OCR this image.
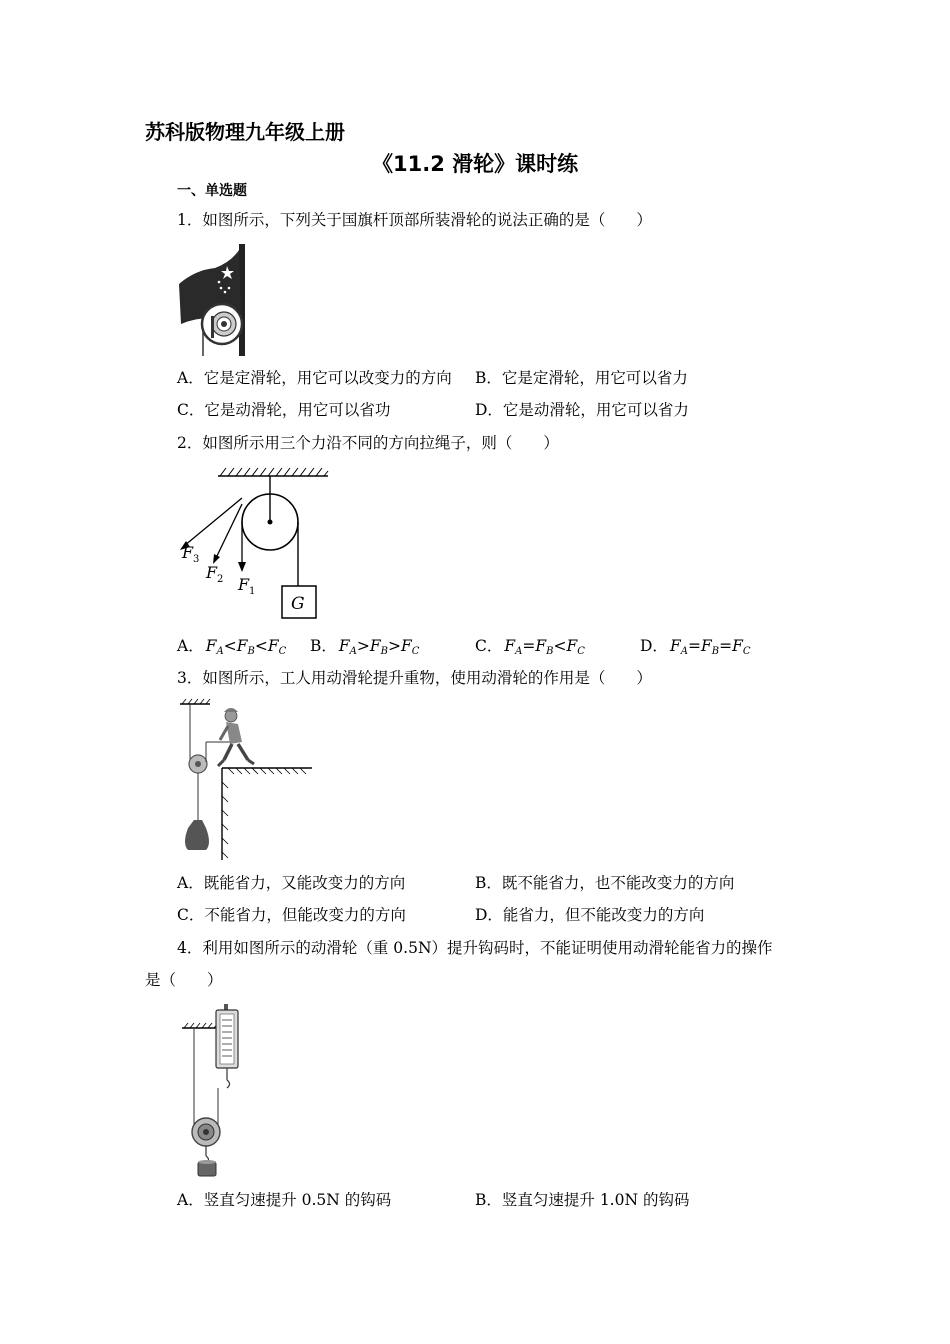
苏科版物理九年级上册
《11.2 滑轮》课时练
一、单选题
1．如图所示，下列关于国旗杆顶部所装滑轮的说法正确的是（　　）
A．它是定滑轮，用它可以改变力的方向 B．它是定滑轮，用它可以省力
C．它是动滑轮，用它可以省功	D．它是动滑轮，用它可以省力
2．如图所示用三个力沿不同的方向拉绳子，则（　　）
F 3
F 2 F 1
G
A． $F_A<F_B<F_C$ B． $F_A>F_B>F_C$	C． $F_A=F_B<F_C$	D． $F_A=F_B=F_C$
3．如图所示，工人用动滑轮提升重物，使用动滑轮的作用是（　　）
A．既能省力，又能改变力的方向	B．既不能省力，也不能改变力的方向
C．不能省力，但能改变力的方向	D．能省力，但不能改变力的方向
4．利用如图所示的动滑轮（重 0.5N）提升钩码时，不能证明使用动滑轮能省力的操作
是（　　）
A．竖直匀速提升 0.5N 的钩码	B．竖直匀速提升 1.0N 的钩码
